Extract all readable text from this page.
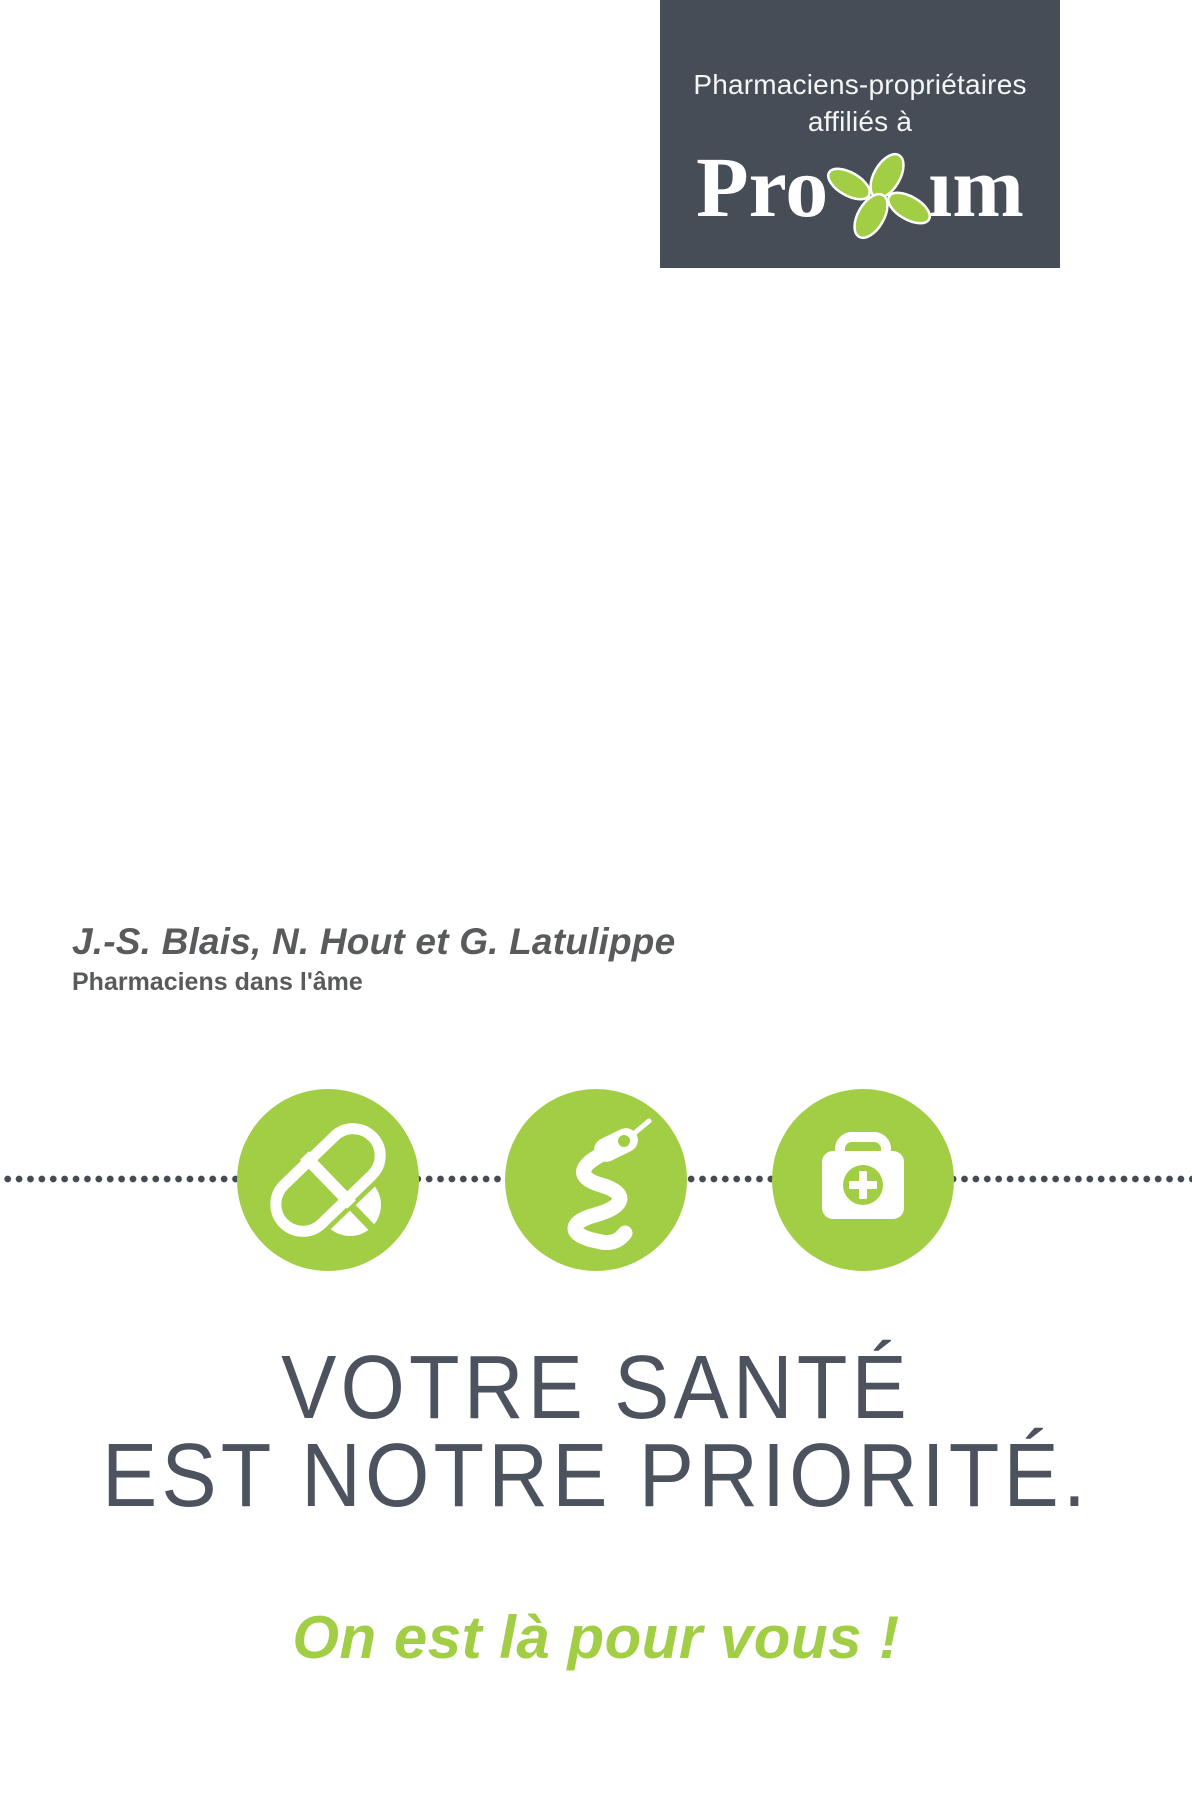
Pharmaciens-propriétaires
affiliés à
Pro ım
J.-S. Blais, N. Hout et G. Latulippe
Pharmaciens dans l'âme
VOTRE SANTÉ
EST NOTRE PRIORITÉ.
On est là pour vous !
